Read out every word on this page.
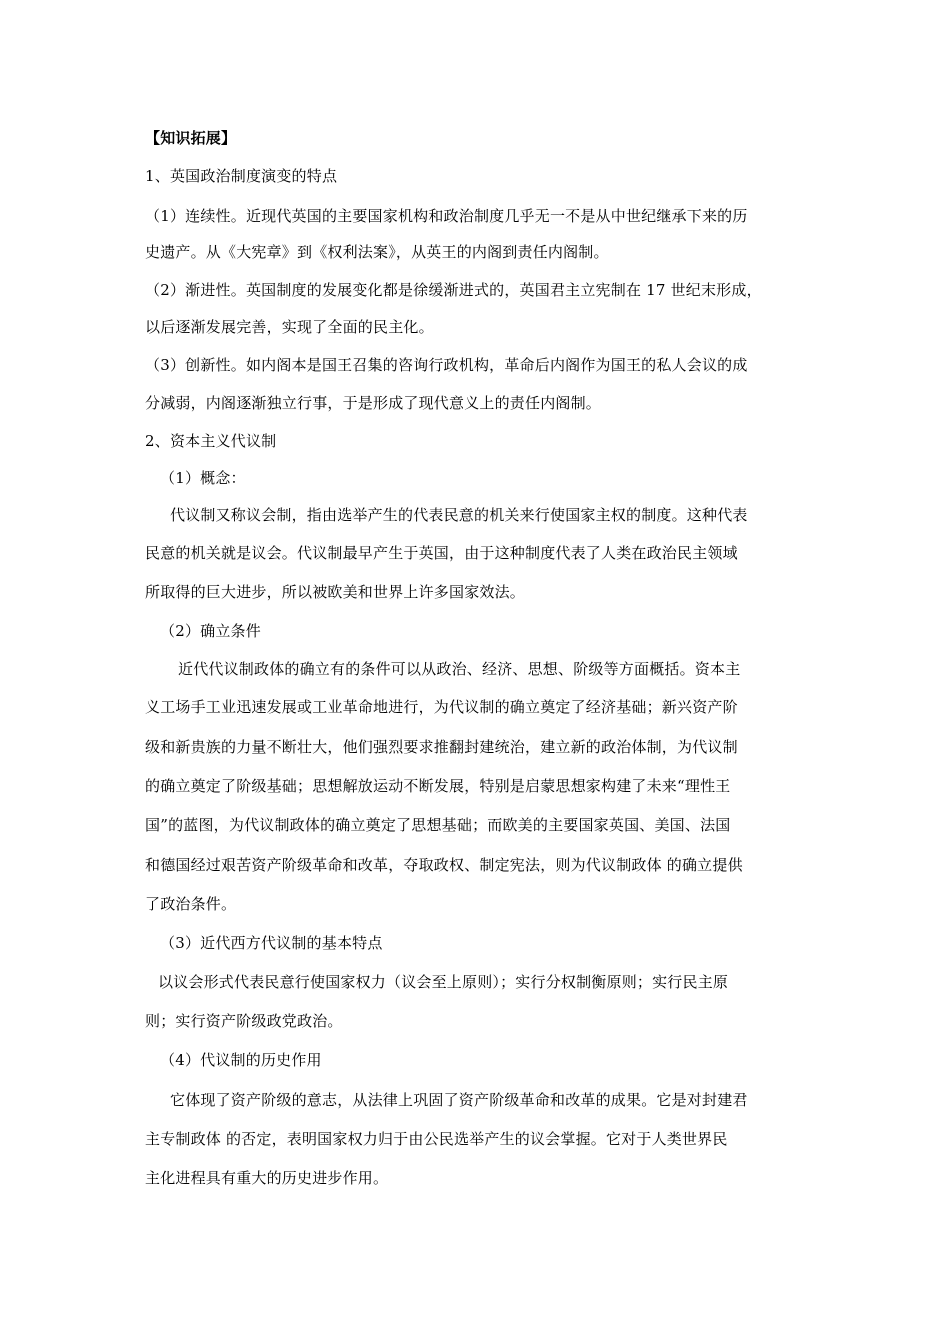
【知识拓展】
1、英国政治制度演变的特点
（1）连续性。近现代英国的主要国家机构和政治制度几乎无一不是从中世纪继承下来的历
史遗产。从《大宪章》到《权利法案》，从英王的内阁到责任内阁制。
（2）渐进性。英国制度的发展变化都是徐缓渐进式的，英国君主立宪制在 17 世纪末形成，
以后逐渐发展完善，实现了全面的民主化。
（3）创新性。如内阁本是国王召集的咨询行政机构，革命后内阁作为国王的私人会议的成
分减弱，内阁逐渐独立行事，于是形成了现代意义上的责任内阁制。
2、资本主义代议制
（1）概念：
代议制又称议会制，指由选举产生的代表民意的机关来行使国家主权的制度。这种代表
民意的机关就是议会。代议制最早产生于英国，由于这种制度代表了人类在政治民主领域
所取得的巨大进步，所以被欧美和世界上许多国家效法。
（2）确立条件
近代代议制政体的确立有的条件可以从政治、经济、思想、阶级等方面概括。资本主
义工场手工业迅速发展或工业革命地进行，为代议制的确立奠定了经济基础；新兴资产阶
级和新贵族的力量不断壮大，他们强烈要求推翻封建统治，建立新的政治体制，为代议制
的确立奠定了阶级基础；思想解放运动不断发展，特别是启蒙思想家构建了未来“理性王
国”的蓝图，为代议制政体的确立奠定了思想基础；而欧美的主要国家英国、美国、法国
和德国经过艰苦资产阶级革命和改革，夺取政权、制定宪法，则为代议制政体 的确立提供
了政治条件。
（3）近代西方代议制的基本特点
以议会形式代表民意行使国家权力（议会至上原则）；实行分权制衡原则；实行民主原
则；实行资产阶级政党政治。
（4）代议制的历史作用
它体现了资产阶级的意志，从法律上巩固了资产阶级革命和改革的成果。它是对封建君
主专制政体 的否定，表明国家权力归于由公民选举产生的议会掌握。它对于人类世界民
主化进程具有重大的历史进步作用。
